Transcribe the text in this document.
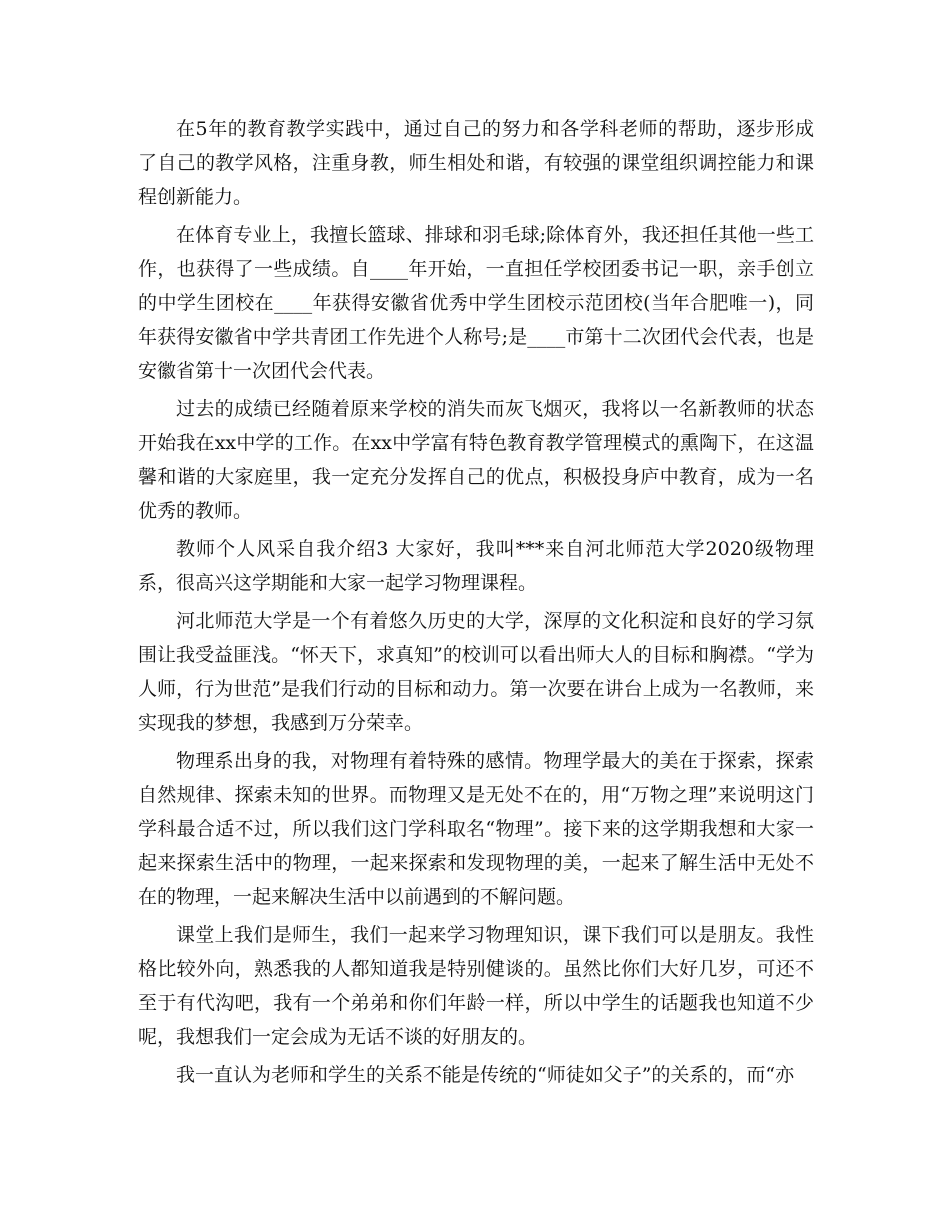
在5年的教育教学实践中，通过自己的努力和各学科老师的帮助，逐步形成了自己的教学风格，注重身教，师生相处和谐，有较强的课堂组织调控能力和课程创新能力。

在体育专业上，我擅长篮球、排球和羽毛球;除体育外，我还担任其他一些工作，也获得了一些成绩。自____年开始，一直担任学校团委书记一职，亲手创立的中学生团校在____年获得安徽省优秀中学生团校示范团校(当年合肥唯一)，同年获得安徽省中学共青团工作先进个人称号;是____市第十二次团代会代表，也是安徽省第十一次团代会代表。

过去的成绩已经随着原来学校的消失而灰飞烟灭，我将以一名新教师的状态开始我在xx中学的工作。在xx中学富有特色教育教学管理模式的熏陶下，在这温馨和谐的大家庭里，我一定充分发挥自己的优点，积极投身庐中教育，成为一名优秀的教师。

教师个人风采自我介绍3 大家好，我叫***来自河北师范大学2020级物理系，很高兴这学期能和大家一起学习物理课程。

河北师范大学是一个有着悠久历史的大学，深厚的文化积淀和良好的学习氛围让我受益匪浅。“怀天下，求真知”的校训可以看出师大人的目标和胸襟。“学为人师，行为世范”是我们行动的目标和动力。第一次要在讲台上成为一名教师，来实现我的梦想，我感到万分荣幸。

物理系出身的我，对物理有着特殊的感情。物理学最大的美在于探索，探索自然规律、探索未知的世界。而物理又是无处不在的，用“万物之理”来说明这门学科最合适不过，所以我们这门学科取名“物理”。接下来的这学期我想和大家一起来探索生活中的物理，一起来探索和发现物理的美，一起来了解生活中无处不在的物理，一起来解决生活中以前遇到的不解问题。

课堂上我们是师生，我们一起来学习物理知识，课下我们可以是朋友。我性格比较外向，熟悉我的人都知道我是特别健谈的。虽然比你们大好几岁，可还不至于有代沟吧，我有一个弟弟和你们年龄一样，所以中学生的话题我也知道不少呢，我想我们一定会成为无话不谈的好朋友的。

我一直认为老师和学生的关系不能是传统的“师徒如父子”的关系的，而“亦
